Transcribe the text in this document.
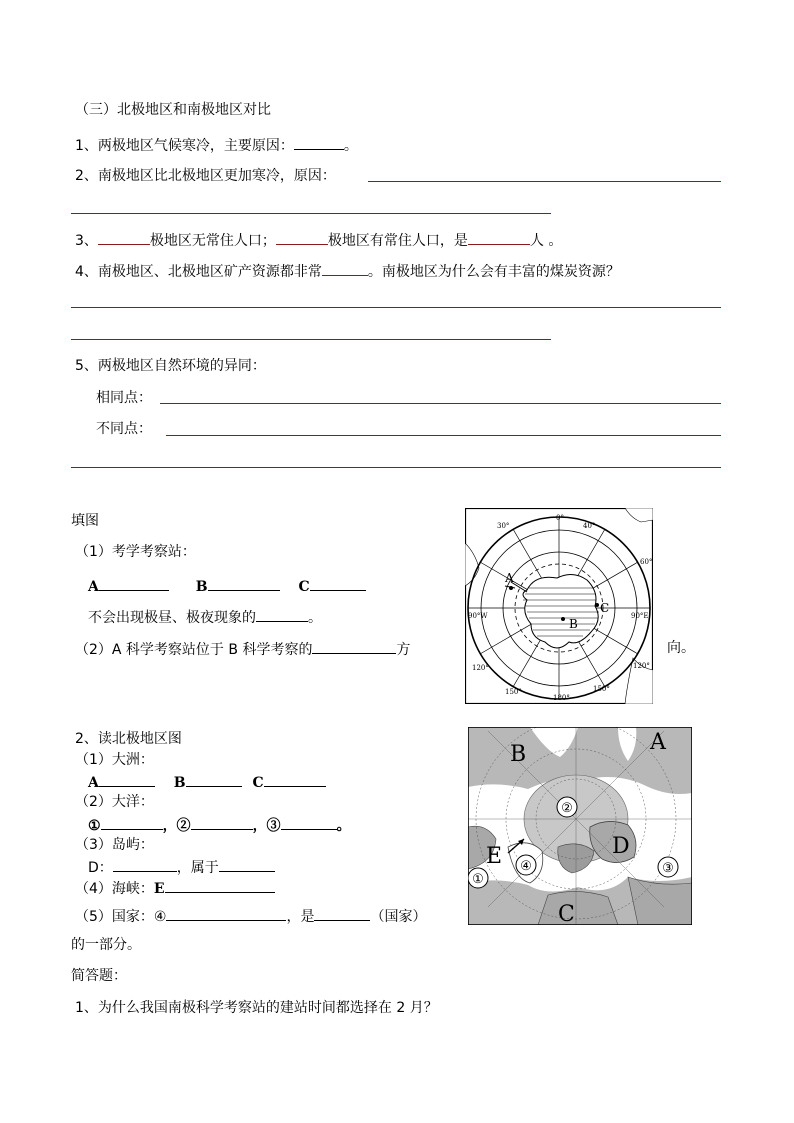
（三）北极地区和南极地区对比
1、两极地区气候寒冷，主要原因：	。
2、南极地区比北极地区更加寒冷，原因：
3、	极地区无常住人口；	极地区有常住人口，是	人 。
4、南极地区、北极地区矿产资源都非常	。南极地区为什么会有丰富的煤炭资源？
5、两极地区自然环境的异同：
相同点：
不同点：
填图
（1）考学考察站：
A	B	C
不会出现极昼、极夜现象的	。
（2）A 科学考察站位于 B 科学考察的	方	向。
0°
30°	40°
60°
90°W	90°E
120°	120°
150°	150°
180°
A
B
C
2、读北极地区图
（1）大洲：
A	B	C
（2）大洋：
①	，②	，③	。
（3）岛屿：
D：	，属于
（4）海峡：E
（5）国家：④	，是	（国家）
的一部分。
②
③
④
①
B	A
C
D
E
简答题：
1、为什么我国南极科学考察站的建站时间都选择在 2 月？
